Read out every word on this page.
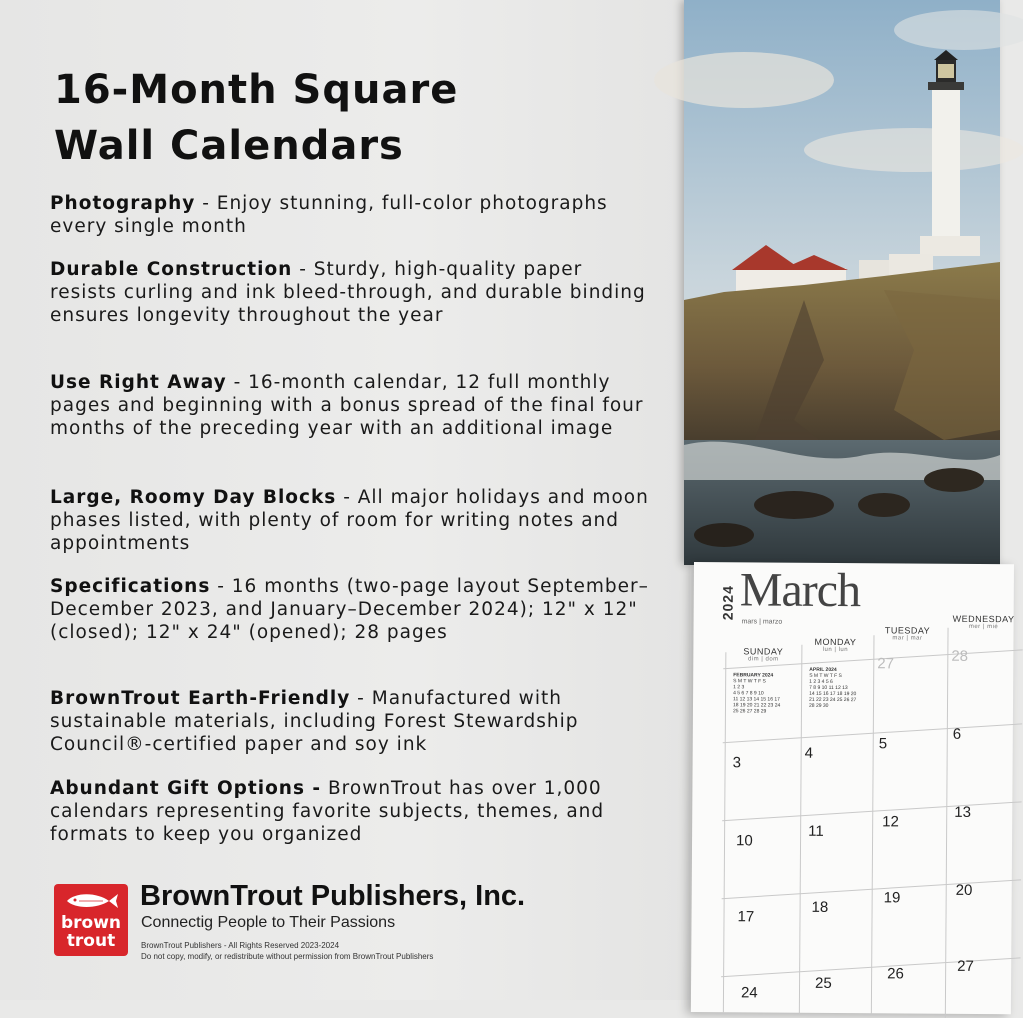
16-Month Square
Wall Calendars
Photography - Enjoy stunning, full-color photographs every single month
Durable Construction - Sturdy, high-quality paper resists curling and ink bleed-through, and durable binding ensures longevity throughout the year
Use Right Away - 16-month calendar, 12 full monthly pages and beginning with a bonus spread of the final four months of the preceding year with an additional image
Large, Roomy Day Blocks - All major holidays and moon phases listed, with plenty of room for writing notes and appointments
Specifications - 16 months (two-page layout September–December 2023, and January–December 2024); 12" x 12" (closed); 12" x 24" (opened); 28 pages
BrownTrout Earth-Friendly - Manufactured with sustainable materials, including Forest Stewardship Council®-certified paper and soy ink
Abundant Gift Options - BrownTrout has over 1,000 calendars representing favorite subjects, themes, and formats to keep you organized
brown
trout
BrownTrout Publishers, Inc.
Connectig People to Their Passions
BrownTrout Publishers - All Rights Reserved 2023-2024
Do not copy, modify, or redistribute without permission from BrownTrout Publishers
2024 March
mars | marzo
SUNDAY
dim | dom
MONDAY
lun | lun
TUESDAY
mar | mar
WEDNESDAY
mer | mié
FEBRUARY 2024
S M T W T F S
1 2 3
4 5 6 7 8 9 10
11 12 13 14 15 16 17
18 19 20 21 22 23 24
25 26 27 28 29
APRIL 2024
S M T W T F S
1 2 3 4 5 6
7 8 9 10 11 12 13
14 15 16 17 18 19 20
21 22 23 24 25 26 27
28 29 30
27	28
3
4
5
6
10
11
12
13
17
18
19	20
24
25
26	27
